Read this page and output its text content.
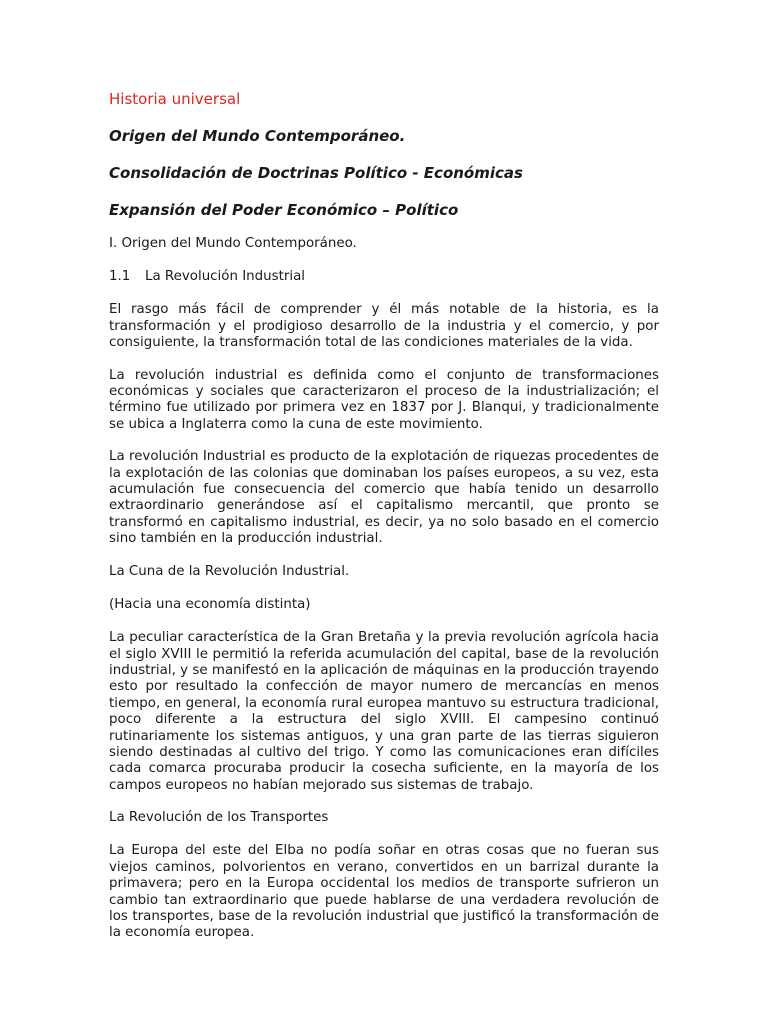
Historia universal

Origen del Mundo Contemporáneo.

Consolidación de Doctrinas Político - Económicas

Expansión del Poder Económico – Político

I. Origen del Mundo Contemporáneo.

1.1 La Revolución Industrial

El rasgo más fácil de comprender y él más notable de la historia, es la transformación y el prodigioso desarrollo de la industria y el comercio, y por consiguiente, la transformación total de las condiciones materiales de la vida.

La revolución industrial es definida como el conjunto de transformaciones económicas y sociales que caracterizaron el proceso de la industrialización; el término fue utilizado por primera vez en 1837 por J. Blanqui, y tradicionalmente se ubica a Inglaterra como la cuna de este movimiento.

La revolución Industrial es producto de la explotación de riquezas procedentes de la explotación de las colonias que dominaban los países europeos, a su vez, esta acumulación fue consecuencia del comercio que había tenido un desarrollo extraordinario generándose así el capitalismo mercantil, que pronto se transformó en capitalismo industrial, es decir, ya no solo basado en el comercio sino también en la producción industrial.

La Cuna de la Revolución Industrial.

(Hacia una economía distinta)

La peculiar característica de la Gran Bretaña y la previa revolución agrícola hacia el siglo XVIII le permitió la referida acumulación del capital, base de la revolución industrial, y se manifestó en la aplicación de máquinas en la producción trayendo esto por resultado la confección de mayor numero de mercancías en menos tiempo, en general, la economía rural europea mantuvo su estructura tradicional, poco diferente a la estructura del siglo XVIII. El campesino continuó rutinariamente los sistemas antiguos, y una gran parte de las tierras siguieron siendo destinadas al cultivo del trigo. Y como las comunicaciones eran difíciles cada comarca procuraba producir la cosecha suficiente, en la mayoría de los campos europeos no habían mejorado sus sistemas de trabajo.

La Revolución de los Transportes

La Europa del este del Elba no podía soñar en otras cosas que no fueran sus viejos caminos, polvorientos en verano, convertidos en un barrizal durante la primavera; pero en la Europa occidental los medios de transporte sufrieron un cambio tan extraordinario que puede hablarse de una verdadera revolución de los transportes, base de la revolución industrial que justificó la transformación de la economía europea.
